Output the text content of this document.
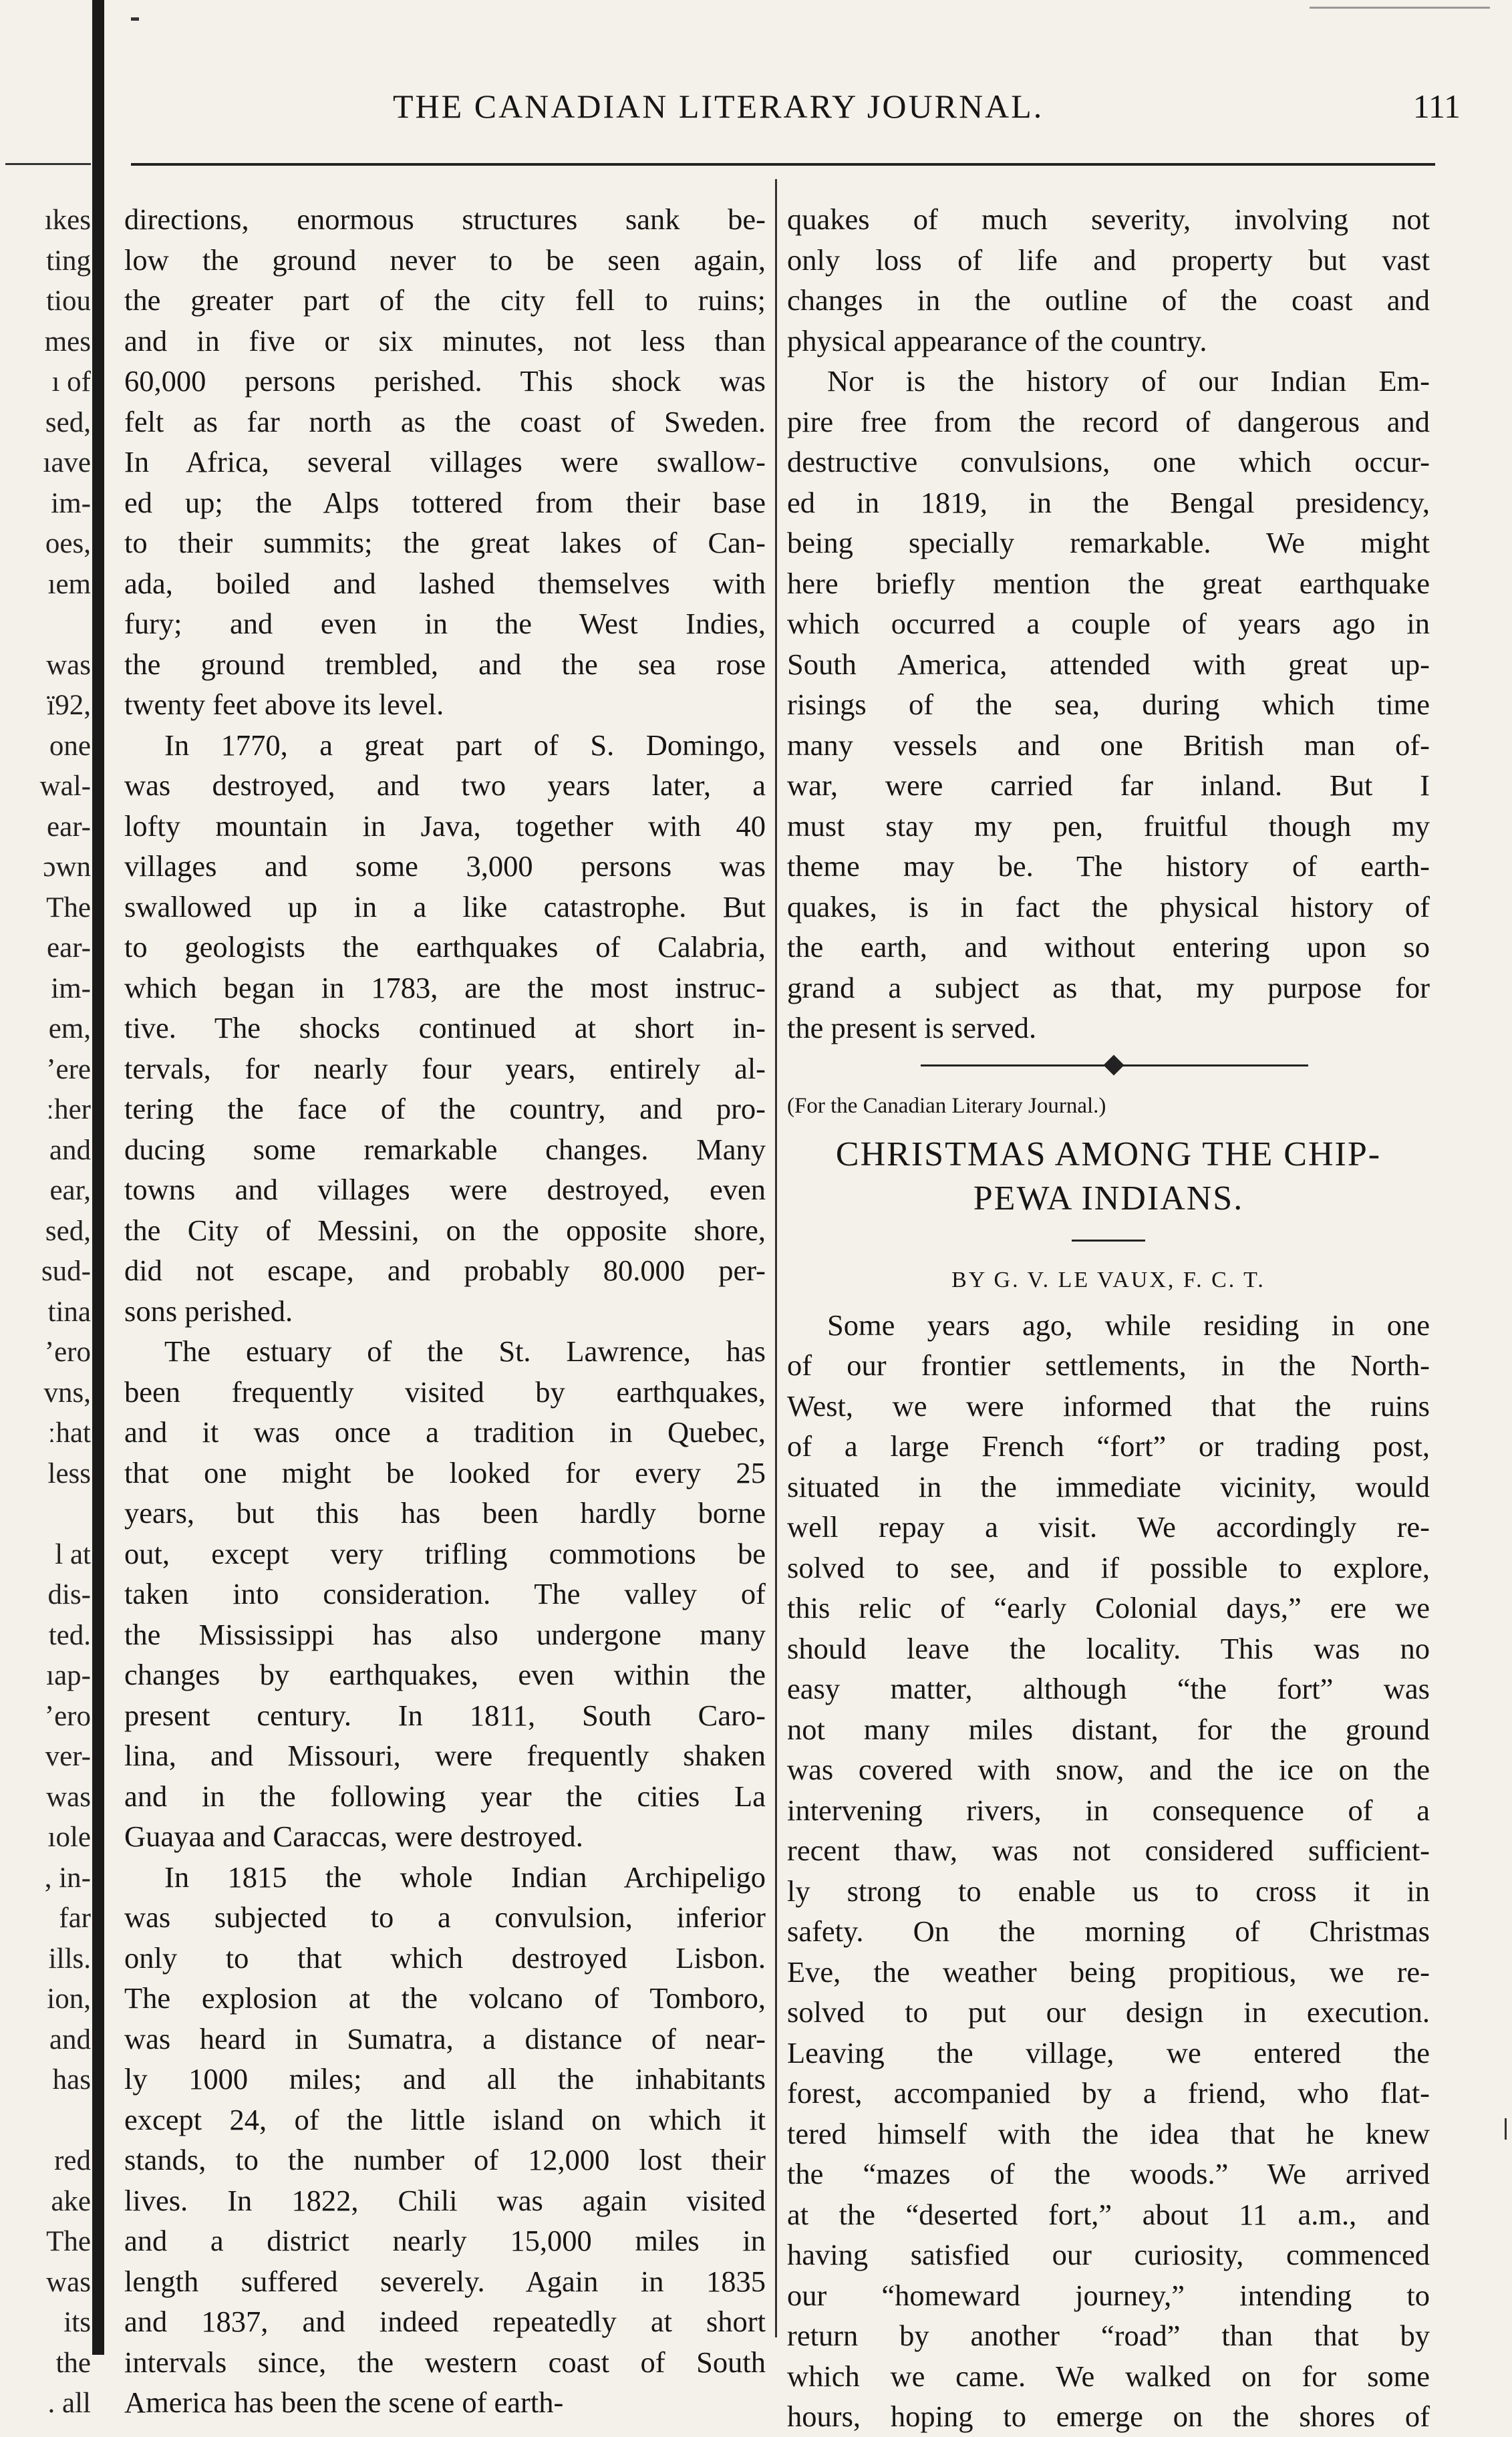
ıkes
ting
tiou
mes
ı of
sed,
ıave
im-
oes,
ıem
was
ï92,
one
wal-
ear-
ɔwn
The
ear-
im-
em,
ʼere
ːher
and
ear,
sed,
sud-
tina
ʼero
vns,
ːhat
less
l at
dis-
ted.
ıap-
ʼero
ver-
was
ıole
, in-
far
ills.
ion,
and
has
red
ake
The
was
its
the
. all
THE CANADIAN LITERARY JOURNAL.	111

directions, enormous structures sank be-
low the ground never to be seen again,
the greater part of the city fell to ruins;
and in five or six minutes, not less than
60,000 persons perished. This shock was
felt as far north as the coast of Sweden.
In Africa, several villages were swallow-
ed up; the Alps tottered from their base
to their summits; the great lakes of Can-
ada, boiled and lashed themselves with
fury; and even in the West Indies,
the ground trembled, and the sea rose
twenty feet above its level.

In 1770, a great part of S. Domingo,
was destroyed, and two years later, a
lofty mountain in Java, together with 40
villages and some 3,000 persons was
swallowed up in a like catastrophe. But
to geologists the earthquakes of Calabria,
which began in 1783, are the most instruc-
tive. The shocks continued at short in-
tervals, for nearly four years, entirely al-
tering the face of the country, and pro-
ducing some remarkable changes. Many
towns and villages were destroyed, even
the City of Messini, on the opposite shore,
did not escape, and probably 80.000 per-
sons perished.

The estuary of the St. Lawrence, has
been frequently visited by earthquakes,
and it was once a tradition in Quebec,
that one might be looked for every 25
years, but this has been hardly borne
out, except very trifling commotions be
taken into consideration. The valley of
the Mississippi has also undergone many
changes by earthquakes, even within the
present century. In 1811, South Caro-
lina, and Missouri, were frequently shaken
and in the following year the cities La
Guayaa and Caraccas, were destroyed.

In 1815 the whole Indian Archipeligo
was subjected to a convulsion, inferior
only to that which destroyed Lisbon.
The explosion at the volcano of Tomboro,
was heard in Sumatra, a distance of near-
ly 1000 miles; and all the inhabitants
except 24, of the little island on which it
stands, to the number of 12,000 lost their
lives. In 1822, Chili was again visited
and a district nearly 15,000 miles in
length suffered severely. Again in 1835
and 1837, and indeed repeatedly at short
intervals since, the western coast of South
America has been the scene of earth-

quakes of much severity, involving not
only loss of life and property but vast
changes in the outline of the coast and
physical appearance of the country.

Nor is the history of our Indian Em-
pire free from the record of dangerous and
destructive convulsions, one which occur-
ed in 1819, in the Bengal presidency,
being specially remarkable. We might
here briefly mention the great earthquake
which occurred a couple of years ago in
South America, attended with great up-
risings of the sea, during which time
many vessels and one British man of-
war, were carried far inland. But I
must stay my pen, fruitful though my
theme may be. The history of earth-
quakes, is in fact the physical history of
the earth, and without entering upon so
grand a subject as that, my purpose for
the present is served.

(For the Canadian Literary Journal.)

CHRISTMAS AMONG THE CHIP-

PEWA INDIANS.

BY G. V. LE VAUX, F. C. T.

Some years ago, while residing in one
of our frontier settlements, in the North-
West, we were informed that the ruins
of a large French “fort” or trading post,
situated in the immediate vicinity, would
well repay a visit. We accordingly re-
solved to see, and if possible to explore,
this relic of “early Colonial days,” ere we
should leave the locality. This was no
easy matter, although “the fort” was
not many miles distant, for the ground
was covered with snow, and the ice on the
intervening rivers, in consequence of a
recent thaw, was not considered sufficient-
ly strong to enable us to cross it in
safety. On the morning of Christmas
Eve, the weather being propitious, we re-
solved to put our design in execution.
Leaving the village, we entered the
forest, accompanied by a friend, who flat-
tered himself with the idea that he knew
the “mazes of the woods.” We arrived
at the “deserted fort,” about 11 a.m., and
having satisfied our curiosity, commenced
our “homeward journey,” intending to
return by another “road” than that by
which we came. We walked on for some
hours, hoping to emerge on the shores of
